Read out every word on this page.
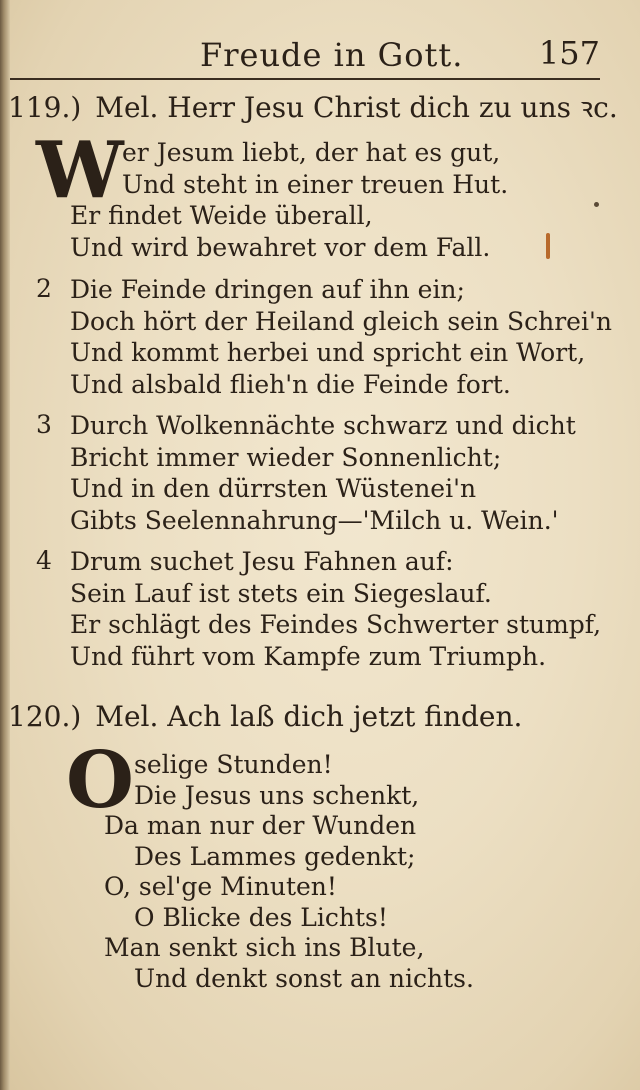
Freude in Gott. 157
119.) Mel. Herr Jesu Christ dich zu uns ꝛc.
W
er Jesum liebt, der hat es gut,
Und steht in einer treuen Hut.
Er findet Weide überall,
Und wird bewahret vor dem Fall.
2 Die Feinde dringen auf ihn ein;
Doch hört der Heiland gleich sein Schrei'n
Und kommt herbei und spricht ein Wort,
Und alsbald flieh'n die Feinde fort.
3 Durch Wolkennächte schwarz und dicht
Bricht immer wieder Sonnenlicht;
Und in den dürrsten Wüstenei'n
Gibts Seelennahrung—'Milch u. Wein.'
4 Drum suchet Jesu Fahnen auf:
Sein Lauf ist stets ein Siegeslauf.
Er schlägt des Feindes Schwerter stumpf,
Und führt vom Kampfe zum Triumph.
120.) Mel. Ach laß dich jetzt finden.
O selige Stunden!
Die Jesus uns schenkt,
Da man nur der Wunden
Des Lammes gedenkt;
O, sel'ge Minuten!
O Blicke des Lichts!
Man senkt sich ins Blute,
Und denkt sonst an nichts.
